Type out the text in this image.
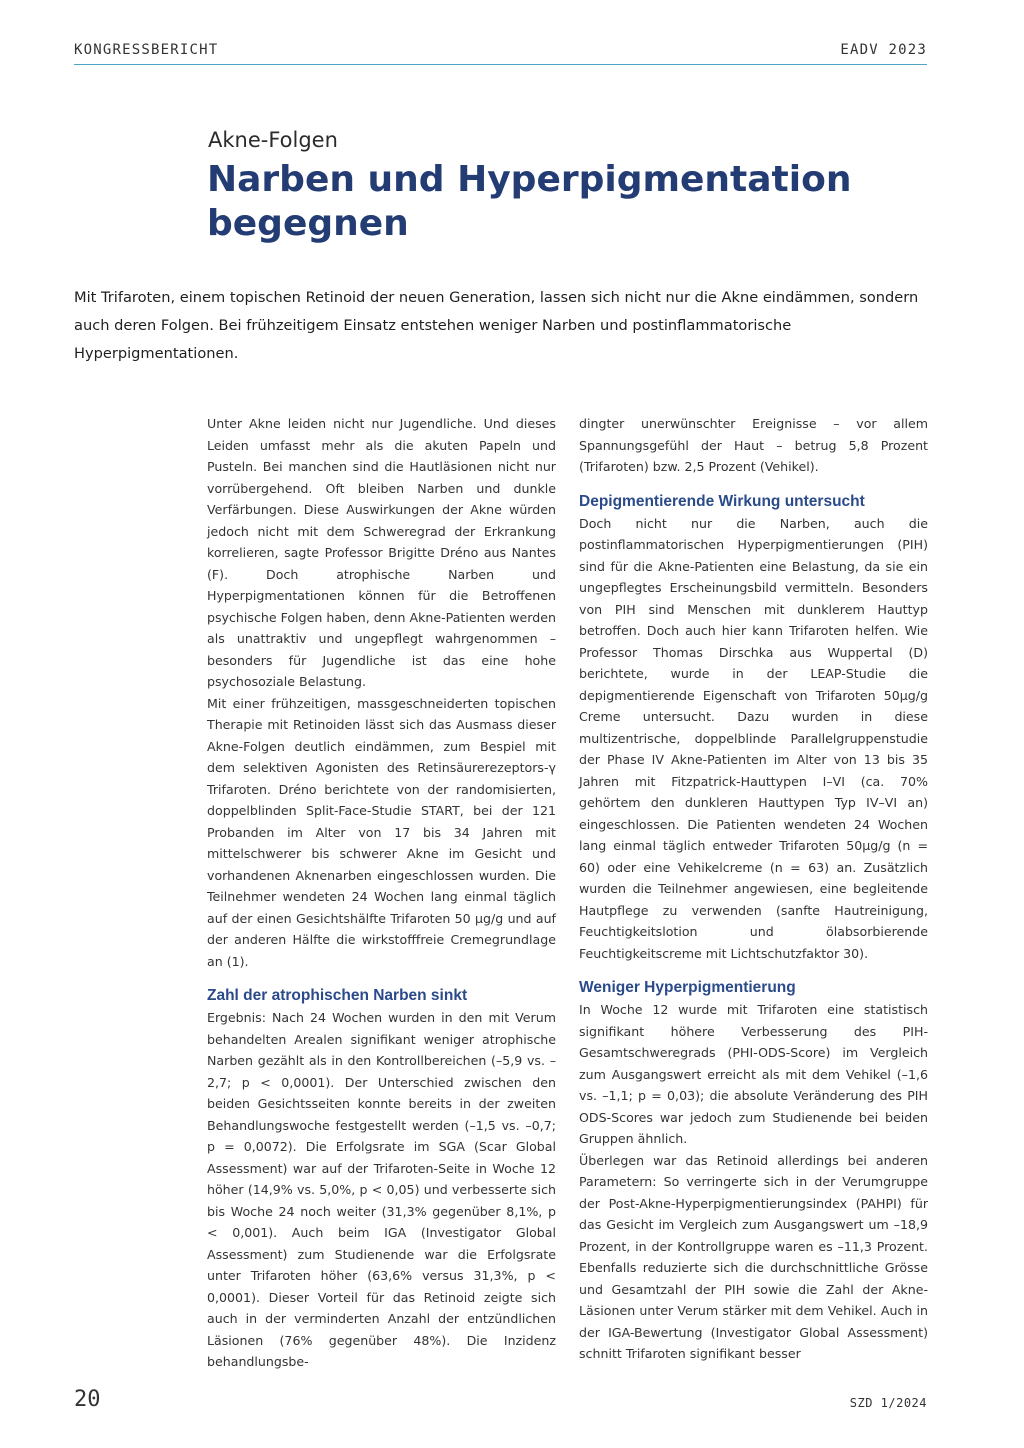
KONGRESSBERICHT	EADV 2023
Akne-Folgen
Narben und Hyperpigmentation begegnen

Mit Trifaroten, einem topischen Retinoid der neuen Generation, lassen sich nicht nur die Akne eindämmen, sondern auch deren Folgen. Bei frühzeitigem Einsatz entstehen weniger Narben und postinflammatorische Hyperpigmentationen.

Unter Akne leiden nicht nur Jugendliche. Und dieses Leiden umfasst mehr als die akuten Papeln und Pusteln. Bei manchen sind die Hautläsionen nicht nur vorrübergehend. Oft bleiben Narben und dunkle Verfärbungen. Diese Auswirkungen der Akne würden jedoch nicht mit dem Schweregrad der Erkrankung korrelieren, sagte Professor Brigitte Dréno aus Nantes (F). Doch atrophische Narben und Hyperpigmentationen können für die Betroffenen psychische Folgen haben, denn Akne-Patienten werden als unattraktiv und ungepflegt wahrgenommen – besonders für Jugendliche ist das eine hohe psychosoziale Belastung.

Mit einer frühzeitigen, massgeschneiderten topischen Therapie mit Retinoiden lässt sich das Ausmass dieser Akne-Folgen deutlich eindämmen, zum Bespiel mit dem selektiven Agonisten des Retinsäurerezeptors-γ Trifaroten. Dréno berichtete von der randomisierten, doppelblinden Split-Face-Studie START, bei der 121 Probanden im Alter von 17 bis 34 Jahren mit mittelschwerer bis schwerer Akne im Gesicht und vorhandenen Aknenarben eingeschlossen wurden. Die Teilnehmer wendeten 24 Wochen lang einmal täglich auf der einen Gesichtshälfte Trifaroten 50 µg/g und auf der anderen Hälfte die wirkstofffreie Cremegrundlage an (1).

Zahl der atrophischen Narben sinkt

Ergebnis: Nach 24 Wochen wurden in den mit Verum behandelten Arealen signifikant weniger atrophische Narben gezählt als in den Kontrollbereichen (–5,9 vs. –2,7; p < 0,0001). Der Unterschied zwischen den beiden Gesichtsseiten konnte bereits in der zweiten Behandlungswoche festgestellt werden (–1,5 vs. –0,7; p = 0,0072). Die Erfolgsrate im SGA (Scar Global Assessment) war auf der Trifaroten-Seite in Woche 12 höher (14,9% vs. 5,0%, p < 0,05) und verbesserte sich bis Woche 24 noch weiter (31,3% gegenüber 8,1%, p < 0,001). Auch beim IGA (Investigator Global Assessment) zum Studienende war die Erfolgsrate unter Trifaroten höher (63,6% versus 31,3%, p < 0,0001). Dieser Vorteil für das Retinoid zeigte sich auch in der verminderten Anzahl der entzündlichen Läsionen (76% gegenüber 48%). Die Inzidenz behandlungsbe-

dingter unerwünschter Ereignisse – vor allem Spannungsgefühl der Haut – betrug 5,8 Prozent (Trifaroten) bzw. 2,5 Prozent (Vehikel).

Depigmentierende Wirkung untersucht

Doch nicht nur die Narben, auch die postinflammatorischen Hyperpigmentierungen (PIH) sind für die Akne-Patienten eine Belastung, da sie ein ungepflegtes Erscheinungsbild vermitteln. Besonders von PIH sind Menschen mit dunklerem Hauttyp betroffen. Doch auch hier kann Trifaroten helfen. Wie Professor Thomas Dirschka aus Wuppertal (D) berichtete, wurde in der LEAP-Studie die depigmentierende Eigenschaft von Trifaroten 50µg/g Creme untersucht. Dazu wurden in diese multizentrische, doppelblinde Parallelgruppenstudie der Phase IV Akne-Patienten im Alter von 13 bis 35 Jahren mit Fitzpatrick-Hauttypen I–VI (ca. 70% gehörtem den dunkleren Hauttypen Typ IV–VI an) eingeschlossen. Die Patienten wendeten 24 Wochen lang einmal täglich entweder Trifaroten 50µg/g (n = 60) oder eine Vehikelcreme (n = 63) an. Zusätzlich wurden die Teilnehmer angewiesen, eine begleitende Hautpflege zu verwenden (sanfte Hautreinigung, Feuchtigkeitslotion und ölabsorbierende Feuchtigkeitscreme mit Lichtschutzfaktor 30).

Weniger Hyperpigmentierung

In Woche 12 wurde mit Trifaroten eine statistisch signifikant höhere Verbesserung des PIH-Gesamtschweregrads (PHI-ODS-Score) im Vergleich zum Ausgangswert erreicht als mit dem Vehikel (–1,6 vs. –1,1; p = 0,03); die absolute Veränderung des PIH ODS-Scores war jedoch zum Studienende bei beiden Gruppen ähnlich.

Überlegen war das Retinoid allerdings bei anderen Parametern: So verringerte sich in der Verumgruppe der Post-Akne-Hyperpigmentierungsindex (PAHPI) für das Gesicht im Vergleich zum Ausgangswert um –18,9 Prozent, in der Kontrollgruppe waren es –11,3 Prozent. Ebenfalls reduzierte sich die durchschnittliche Grösse und Gesamtzahl der PIH sowie die Zahl der Akne-Läsionen unter Verum stärker mit dem Vehikel. Auch in der IGA-Bewertung (Investigator Global Assessment) schnitt Trifaroten signifikant besser

20	SZD 1/2024
